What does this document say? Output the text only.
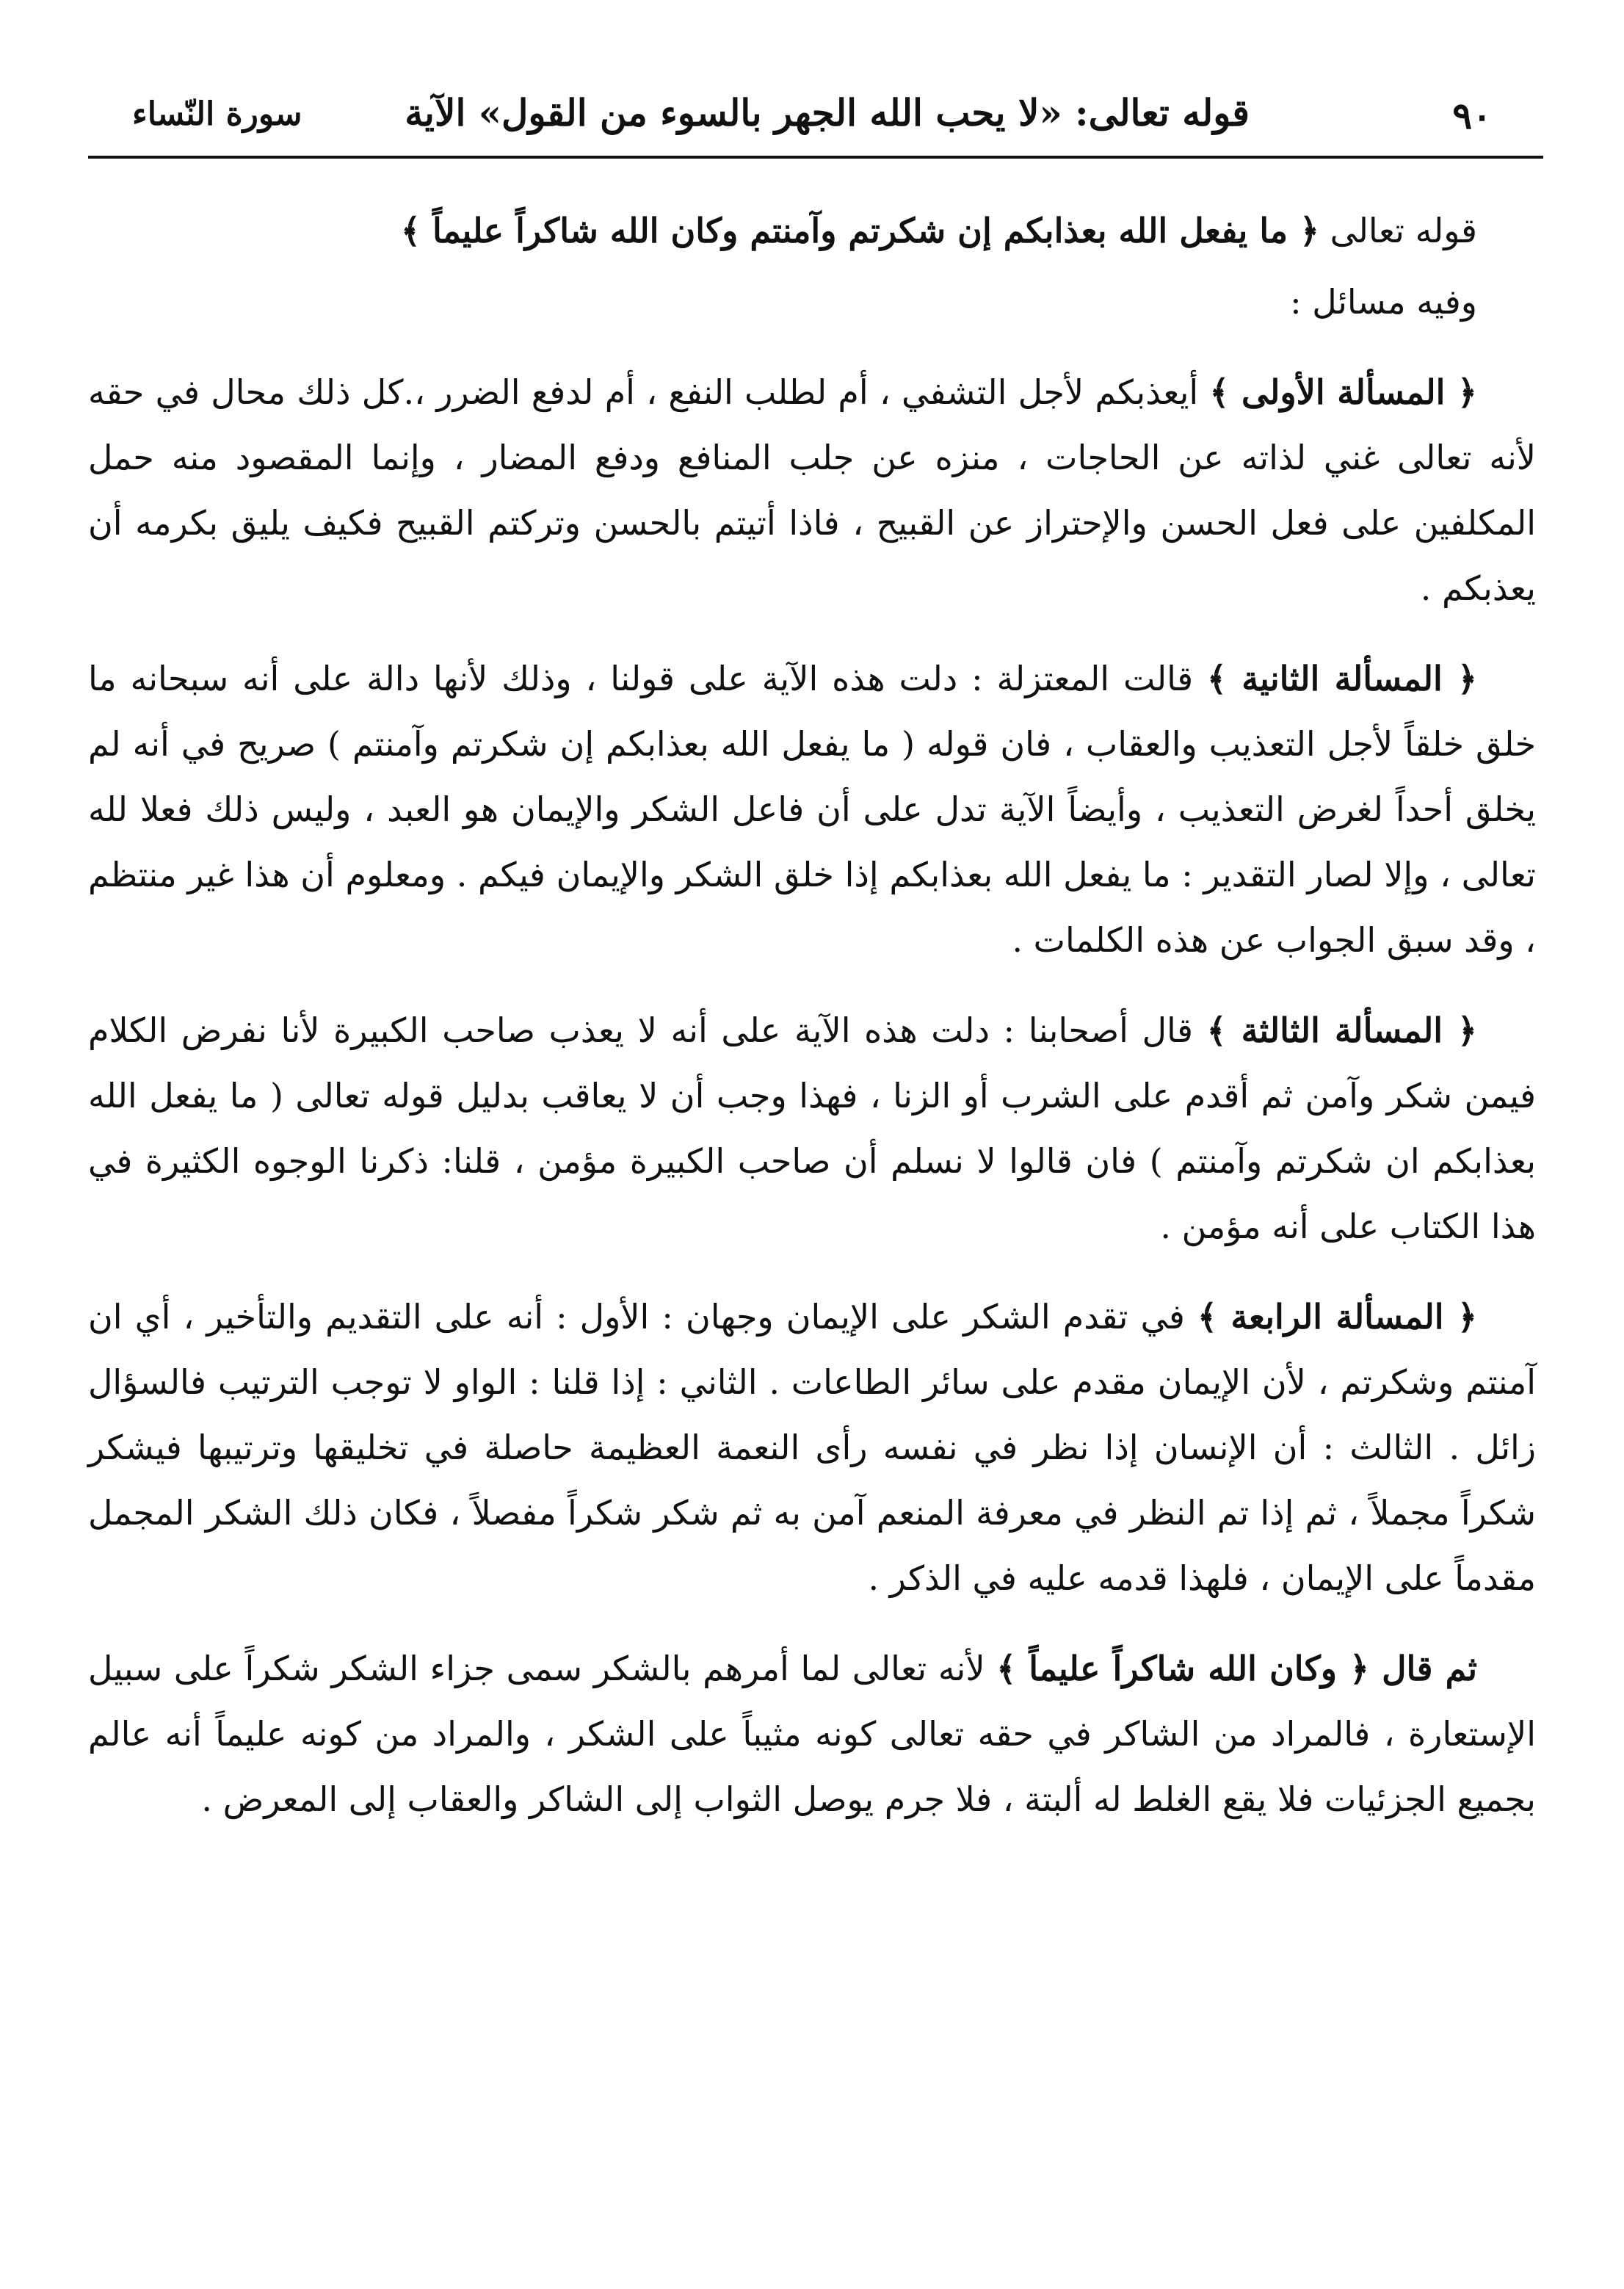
٩٠
قوله تعالى: «لا يحب الله الجهر بالسوء من القول» الآية
سورة النّساء

قوله تعالى ﴿ ما يفعل الله بعذابكم إن شكرتم وآمنتم وكان الله شاكراً عليماً ﴾

وفيه مسائل :

﴿ المسألة الأولى ﴾ أيعذبكم لأجل التشفي ، أم لطلب النفع ، أم لدفع الضرر ،.كل ذلك محال في حقه لأنه تعالى غني لذاته عن الحاجات ، منزه عن جلب المنافع ودفع المضار ، وإنما المقصود منه حمل المكلفين على فعل الحسن والإحتراز عن القبيح ، فاذا أتيتم بالحسن وتركتم القبيح فكيف يليق بكرمه أن يعذبكم .

﴿ المسألة الثانية ﴾ قالت المعتزلة : دلت هذه الآية على قولنا ، وذلك لأنها دالة على أنه سبحانه ما خلق خلقاً لأجل التعذيب والعقاب ، فان قوله ( ما يفعل الله بعذابكم إن شكرتم وآمنتم ) صريح في أنه لم يخلق أحداً لغرض التعذيب ، وأيضاً الآية تدل على أن فاعل الشكر والإيمان هو العبد ، وليس ذلك فعلا لله تعالى ، وإلا لصار التقدير : ما يفعل الله بعذابكم إذا خلق الشكر والإيمان فيكم . ومعلوم أن هذا غير منتظم ، وقد سبق الجواب عن هذه الكلمات .

﴿ المسألة الثالثة ﴾ قال أصحابنا : دلت هذه الآية على أنه لا يعذب صاحب الكبيرة لأنا نفرض الكلام فيمن شكر وآمن ثم أقدم على الشرب أو الزنا ، فهذا وجب أن لا يعاقب بدليل قوله تعالى ( ما يفعل الله بعذابكم ان شكرتم وآمنتم ) فان قالوا لا نسلم أن صاحب الكبيرة مؤمن ، قلنا: ذكرنا الوجوه الكثيرة في هذا الكتاب على أنه مؤمن .

﴿ المسألة الرابعة ﴾ في تقدم الشكر على الإيمان وجهان : الأول : أنه على التقديم والتأخير ، أي ان آمنتم وشكرتم ، لأن الإيمان مقدم على سائر الطاعات . الثاني : إذا قلنا : الواو لا توجب الترتيب فالسؤال زائل . الثالث : أن الإنسان إذا نظر في نفسه رأى النعمة العظيمة حاصلة في تخليقها وترتيبها فيشكر شكراً مجملاً ، ثم إذا تم النظر في معرفة المنعم آمن به ثم شكر شكراً مفصلاً ، فكان ذلك الشكر المجمل مقدماً على الإيمان ، فلهذا قدمه عليه في الذكر .

ثم قال ﴿ وكان الله شاكراً عليماً ﴾ لأنه تعالى لما أمرهم بالشكر سمى جزاء الشكر شكراً على سبيل الإستعارة ، فالمراد من الشاكر في حقه تعالى كونه مثيباً على الشكر ، والمراد من كونه عليماً أنه عالم بجميع الجزئيات فلا يقع الغلط له ألبتة ، فلا جرم يوصل الثواب إلى الشاكر والعقاب إلى المعرض .
